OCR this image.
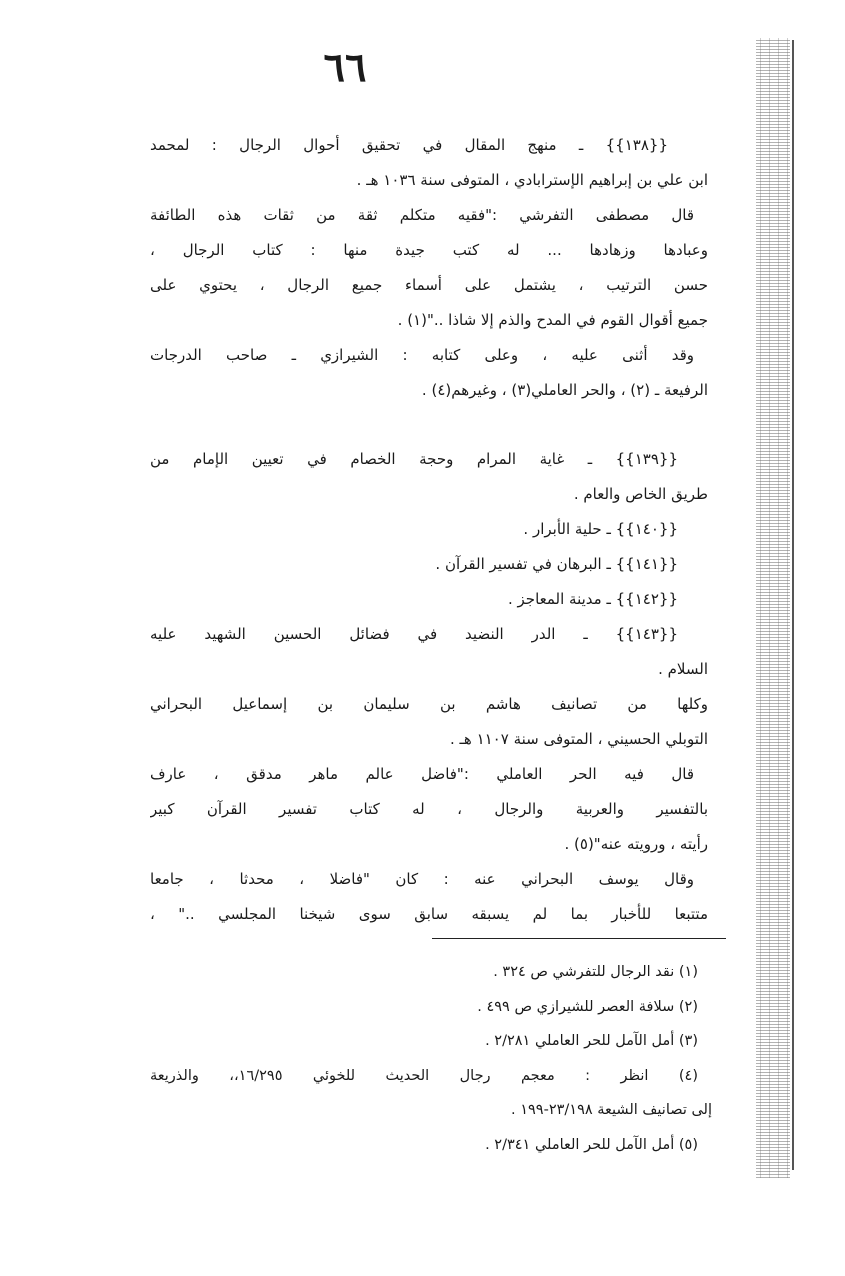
٦٦
{{١٣٨}} ـ منهج المقال في تحقيق أحوال الرجال : لمحمد
ابن علي بن إبراهيم الإسترابادي ، المتوفى سنة ١٠٣٦ هـ .
قال مصطفى التفرشي :"فقيه متكلم ثقة من ثقات هذه الطائفة
وعبادها وزهادها ... له كتب جيدة منها : كتاب الرجال ،
حسن الترتيب ، يشتمل على أسماء جميع الرجال ، يحتوي على
جميع أقوال القوم في المدح والذم إلا شاذا .."(١) .
وقد أثنى عليه ، وعلى كتابه : الشيرازي ـ صاحب الدرجات
الرفيعة ـ (٢) ، والحر العاملي(٣) ، وغيرهم(٤) .
{{١٣٩}} ـ غاية المرام وحجة الخصام في تعيين الإمام من
طريق الخاص والعام .
{{١٤٠}} ـ حلية الأبرار .
{{١٤١}} ـ البرهان في تفسير القرآن .
{{١٤٢}} ـ مدينة المعاجز .
{{١٤٣}} ـ الدر النضيد في فضائل الحسين الشهيد عليه
السلام .
وكلها من تصانيف هاشم بن سليمان بن إسماعيل البحراني
التوبلي الحسيني ، المتوفى سنة ١١٠٧ هـ .
قال فيه الحر العاملي :"فاضل عالم ماهر مدقق ، عارف
بالتفسير والعربية والرجال ، له كتاب تفسير القرآن كبير
رأيته ، ورويته عنه"(٥) .
وقال يوسف البحراني عنه : كان "فاضلا ، محدثا ، جامعا
متتبعا للأخبار بما لم يسبقه سابق سوى شيخنا المجلسي .." ،
(١) نقد الرجال للتفرشي ص ٣٢٤ .
(٢) سلافة العصر للشيرازي ص ٤٩٩ .
(٣) أمل الآمل للحر العاملي ٢/٢٨١ .
(٤) انظر : معجم رجال الحديث للخوئي ١٦/٢٩٥،، والذريعة
إلى تصانيف الشيعة ٢٣/١٩٨-١٩٩ .
(٥) أمل الآمل للحر العاملي ٢/٣٤١ .
